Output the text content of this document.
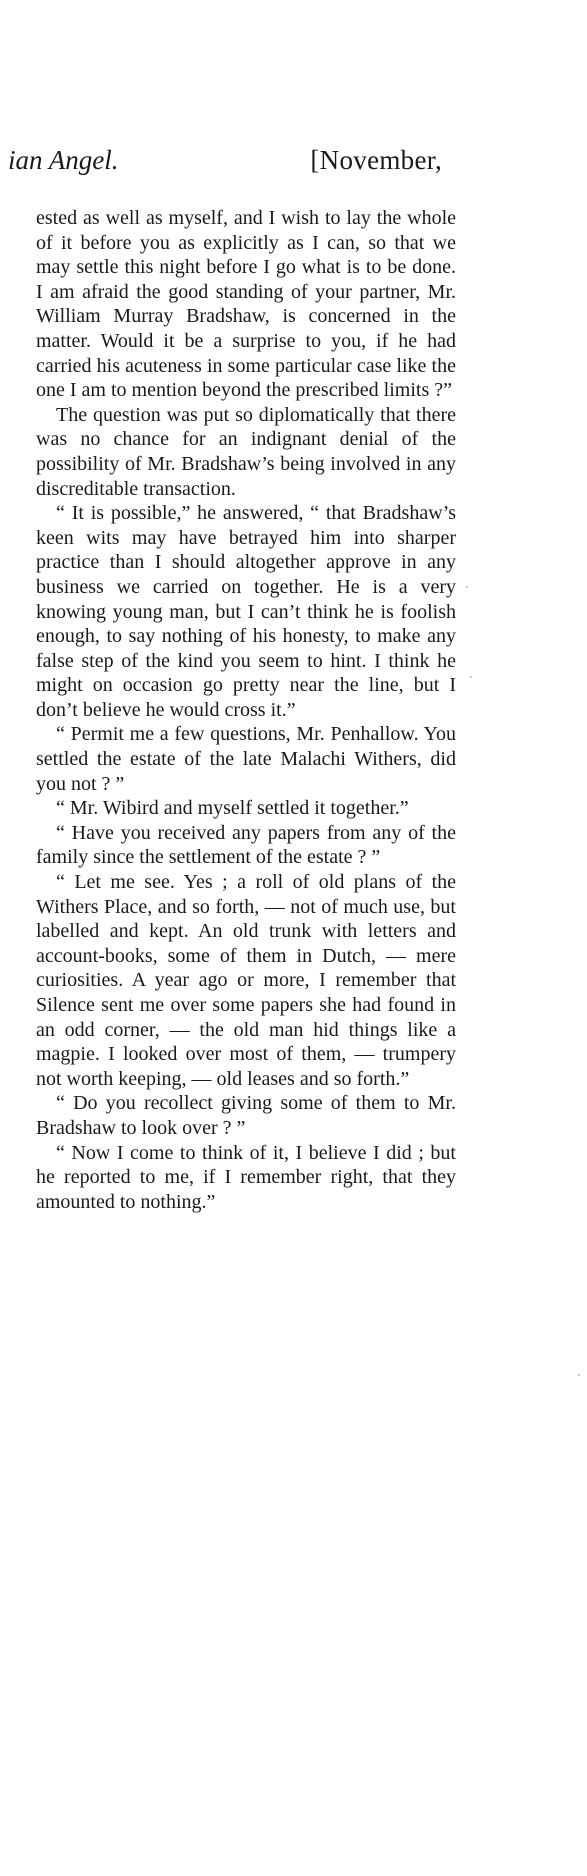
ian Angel.	[November,

ested as well as myself, and I wish to lay the whole of it before you as explicitly as I can, so that we may settle this night before I go what is to be done. I am afraid the good standing of your partner, Mr. William Murray Bradshaw, is concerned in the matter. Would it be a surprise to you, if he had carried his acuteness in some particular case like the one I am to mention beyond the prescribed limits ?”

The question was put so diplomatically that there was no chance for an indignant denial of the possibility of Mr. Bradshaw’s being involved in any discreditable transaction.

“ It is possible,” he answered, “ that Bradshaw’s keen wits may have betrayed him into sharper practice than I should altogether approve in any business we carried on together. He is a very knowing young man, but I can’t think he is foolish enough, to say nothing of his honesty, to make any false step of the kind you seem to hint. I think he might on occasion go pretty near the line, but I don’t believe he would cross it.”

“ Permit me a few questions, Mr. Penhallow. You settled the estate of the late Malachi Withers, did you not ? ”

“ Mr. Wibird and myself settled it together.”

“ Have you received any papers from any of the family since the settlement of the estate ? ”

“ Let me see. Yes ; a roll of old plans of the Withers Place, and so forth, — not of much use, but labelled and kept. An old trunk with letters and account-books, some of them in Dutch, — mere curiosities. A year ago or more, I remember that Silence sent me over some papers she had found in an odd corner, — the old man hid things like a magpie. I looked over most of them, — trumpery not worth keeping, — old leases and so forth.”

“ Do you recollect giving some of them to Mr. Bradshaw to look over ? ”

“ Now I come to think of it, I believe I did ; but he reported to me, if I remember right, that they amounted to nothing.”
